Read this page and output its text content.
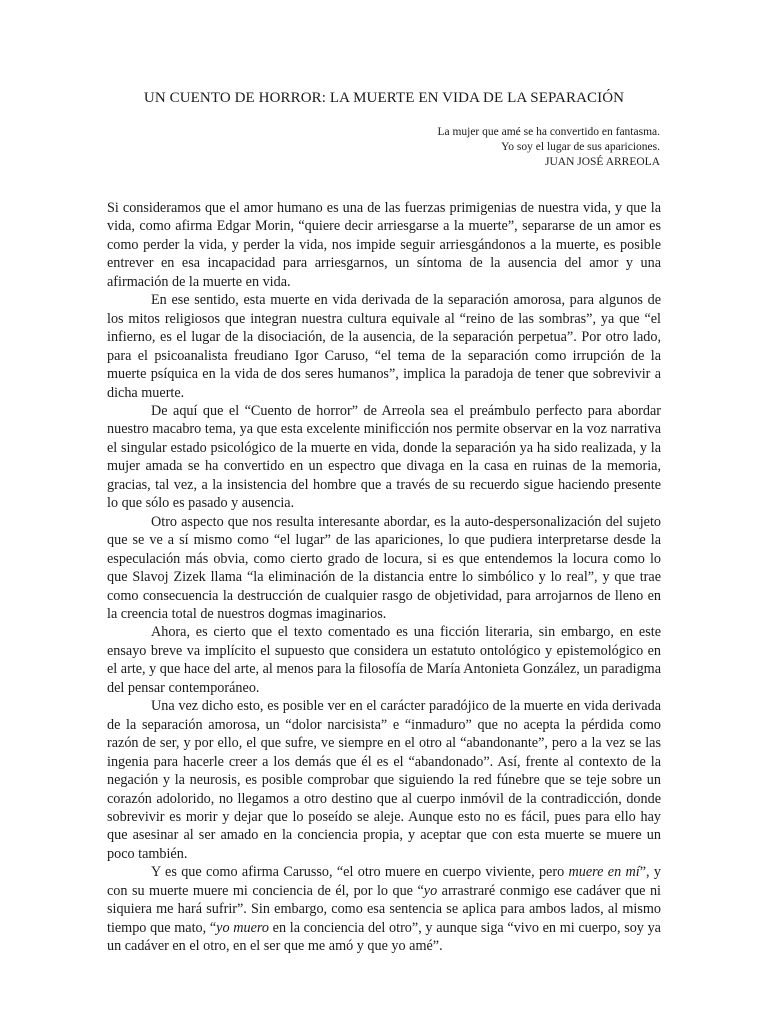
UN CUENTO DE HORROR: LA MUERTE EN VIDA DE LA SEPARACIÓN
La mujer que amé se ha convertido en fantasma.
Yo soy el lugar de sus apariciones.
JUAN JOSÉ ARREOLA

Si consideramos que el amor humano es una de las fuerzas primigenias de nuestra vida, y que la vida, como afirma Edgar Morin, “quiere decir arriesgarse a la muerte”, separarse de un amor es como perder la vida, y perder la vida, nos impide seguir arriesgándonos a la muerte, es posible entrever en esa incapacidad para arriesgarnos, un síntoma de la ausencia del amor y una afirmación de la muerte en vida.

En ese sentido, esta muerte en vida derivada de la separación amorosa, para algunos de los mitos religiosos que integran nuestra cultura equivale al “reino de las sombras”, ya que “el infierno, es el lugar de la disociación, de la ausencia, de la separación perpetua”. Por otro lado, para el psicoanalista freudiano Igor Caruso, “el tema de la separación como irrupción de la muerte psíquica en la vida de dos seres humanos”, implica la paradoja de tener que sobrevivir a dicha muerte.

De aquí que el “Cuento de horror” de Arreola sea el preámbulo perfecto para abordar nuestro macabro tema, ya que esta excelente minificción nos permite observar en la voz narrativa el singular estado psicológico de la muerte en vida, donde la separación ya ha sido realizada, y la mujer amada se ha convertido en un espectro que divaga en la casa en ruinas de la memoria, gracias, tal vez, a la insistencia del hombre que a través de su recuerdo sigue haciendo presente lo que sólo es pasado y ausencia.

Otro aspecto que nos resulta interesante abordar, es la auto-despersonalización del sujeto que se ve a sí mismo como “el lugar” de las apariciones, lo que pudiera interpretarse desde la especulación más obvia, como cierto grado de locura, si es que entendemos la locura como lo que Slavoj Zizek llama “la eliminación de la distancia entre lo simbólico y lo real”, y que trae como consecuencia la destrucción de cualquier rasgo de objetividad, para arrojarnos de lleno en la creencia total de nuestros dogmas imaginarios.

Ahora, es cierto que el texto comentado es una ficción literaria, sin embargo, en este ensayo breve va implícito el supuesto que considera un estatuto ontológico y epistemológico en el arte, y que hace del arte, al menos para la filosofía de María Antonieta González, un paradigma del pensar contemporáneo.

Una vez dicho esto, es posible ver en el carácter paradójico de la muerte en vida derivada de la separación amorosa, un “dolor narcisista” e “inmaduro” que no acepta la pérdida como razón de ser, y por ello, el que sufre, ve siempre en el otro al “abandonante”, pero a la vez se las ingenia para hacerle creer a los demás que él es el “abandonado”. Así, frente al contexto de la negación y la neurosis, es posible comprobar que siguiendo la red fúnebre que se teje sobre un corazón adolorido, no llegamos a otro destino que al cuerpo inmóvil de la contradicción, donde sobrevivir es morir y dejar que lo poseído se aleje. Aunque esto no es fácil, pues para ello hay que asesinar al ser amado en la conciencia propia, y aceptar que con esta muerte se muere un poco también.

Y es que como afirma Carusso, “el otro muere en cuerpo viviente, pero muere en mí”, y con su muerte muere mi conciencia de él, por lo que “yo arrastraré conmigo ese cadáver que ni siquiera me hará sufrir”. Sin embargo, como esa sentencia se aplica para ambos lados, al mismo tiempo que mato, “yo muero en la conciencia del otro”, y aunque siga “vivo en mi cuerpo, soy ya un cadáver en el otro, en el ser que me amó y que yo amé”.
